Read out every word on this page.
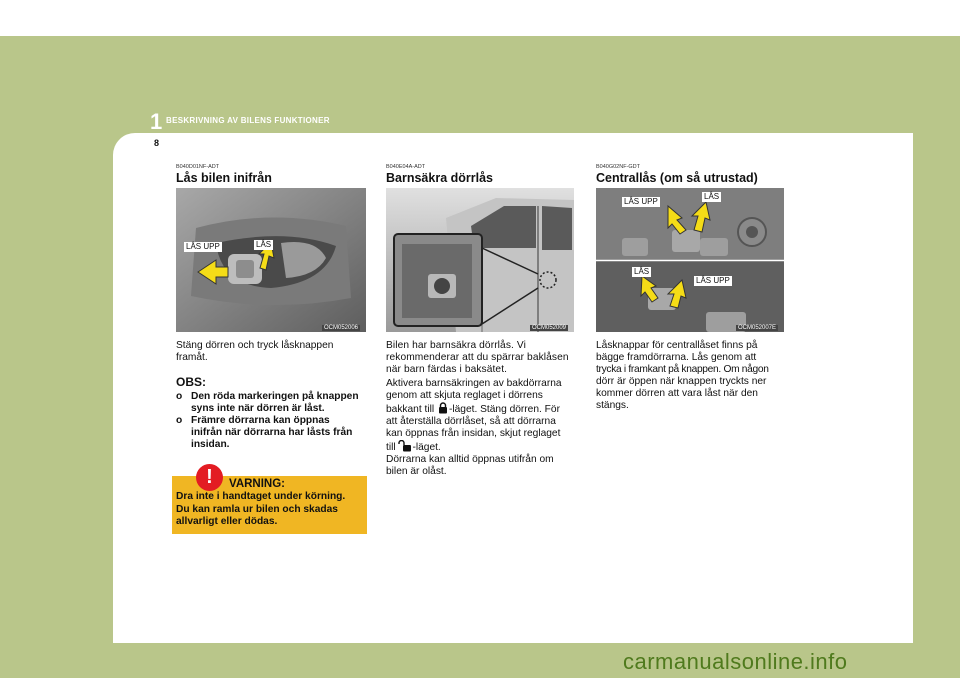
1 BESKRIVNING AV BILENS FUNKTIONER
8
B040D01NF-ADT
Lås bilen inifrån
LÅS UPP	LÅS
OCM052006

Stäng dörren och tryck låsknappen
framåt.

OBS:
o Den röda markeringen på knappen
syns inte när dörren är låst.
o Främre dörrarna kan öppnas
inifrån när dörrarna har låsts från
insidan.
!	VARNING:
Dra inte i handtaget under körning.
Du kan ramla ur bilen och skadas
allvarligt eller dödas.
B040E04A-ADT
Barnsäkra dörrlås
OCM052009

Bilen har barnsäkra dörrlås. Vi
rekommenderar att du spärrar baklåsen
när barn färdas i baksätet.

Aktivera barnsäkringen av bakdörrarna
genom att skjuta reglaget i dörrens
bakkant till -läget. Stäng dörren. För
att återställa dörrlåset, så att dörrarna
kan öppnas från insidan, skjut reglaget
till -läget.
Dörrarna kan alltid öppnas utifrån om
bilen är olåst.

B040G02NF-GDT
Centrallås (om så utrustad)
LÅS UPP
LÅS
LÅS
LÅS UPP
OCM052007E

Låsknappar för centrallåset finns på
bägge framdörrarna. Lås genom att
trycka i framkant på knappen. Om någon
dörr är öppen när knappen tryckts ner
kommer dörren att vara låst när den
stängs.

carmanualsonline.info
